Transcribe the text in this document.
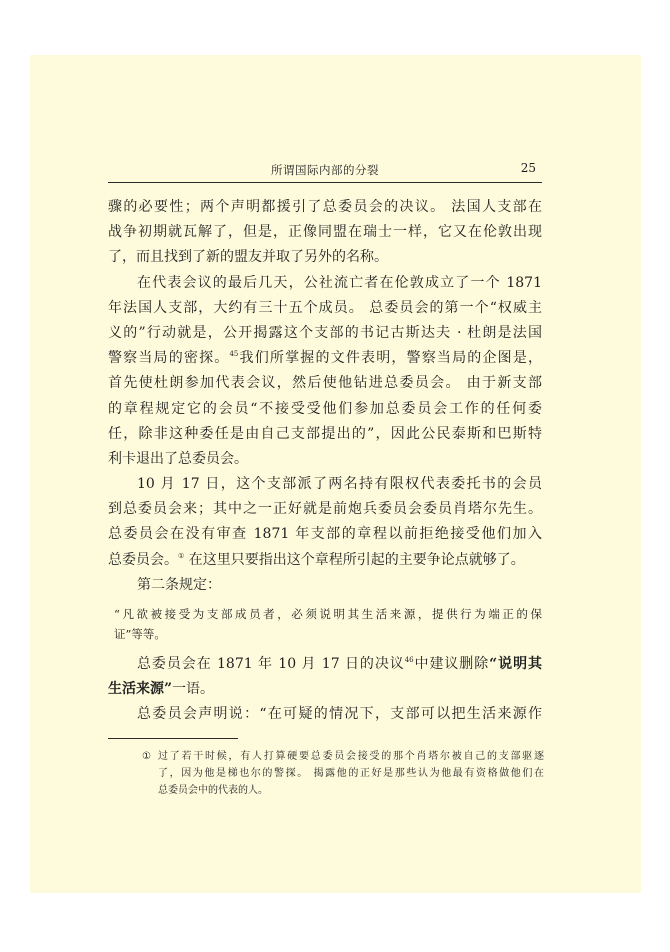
所谓国际内部的分裂	25
骤的必要性；两个声明都援引了总委员会的决议。 法国人支部在
战争初期就瓦解了，但是，正像同盟在瑞士一样，它又在伦敦出现
了，而且找到了新的盟友并取了另外的名称。
在代表会议的最后几天，公社流亡者在伦敦成立了一个 1871
年法国人支部，大约有三十五个成员。 总委员会的第一个“权威主
义的”行动就是，公开揭露这个支部的书记古斯达夫 · 杜朗是法国
警察当局的密探。$^{45}$我们所掌握的文件表明，警察当局的企图是，
首先使杜朗参加代表会议，然后使他钻进总委员会。 由于新支部
的章程规定它的会员“不接受受他们参加总委员会工作的任何委
任，除非这种委任是由自己支部提出的”，因此公民泰斯和巴斯特
利卡退出了总委员会。
10 月 17 日，这个支部派了两名持有限权代表委托书的会员
到总委员会来；其中之一正好就是前炮兵委员会委员肖塔尔先生。
总委员会在没有审查 1871 年支部的章程以前拒绝接受他们加入
总委员会。① 在这里只要指出这个章程所引起的主要争论点就够了。
第二条规定：
“凡欲被接受为支部成员者，必须说明其生活来源，提供行为端正的保
证”等等。
总委员会在 1871 年 10 月 17 日的决议$^{46}$中建议删除“说明其
生活来源”一语。
总委员会声明说：“在可疑的情况下，支部可以把生活来源作
① 过了若干时候，有人打算硬要总委员会接受的那个肖塔尔被自己的支部驱逐
了，因为他是梯也尔的警探。 揭露他的正好是那些认为他最有资格做他们在
总委员会中的代表的人。
